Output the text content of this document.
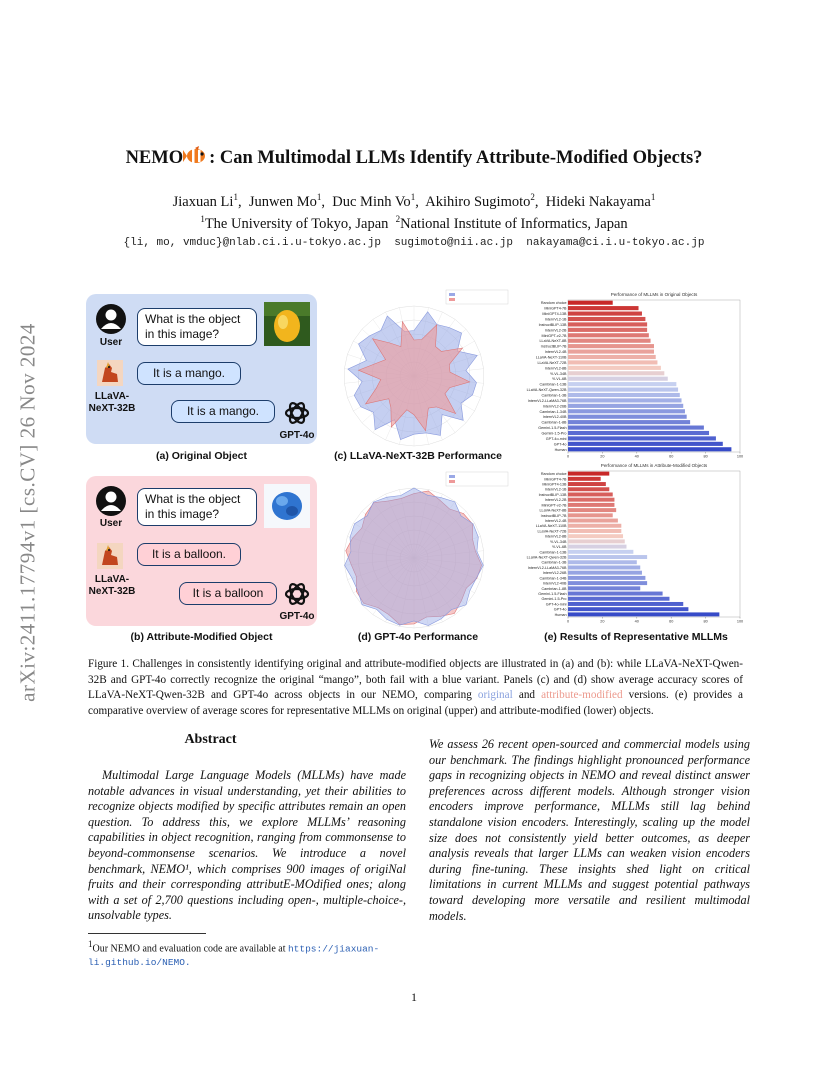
arXiv:2411.17794v1 [cs.CV] 26 Nov 2024
NEMO : Can Multimodal LLMs Identify Attribute-Modified Objects?
Jiaxuan Li$^1$,  Junwen Mo$^1$,  Duc Minh Vo$^1$,  Akihiro Sugimoto$^2$,  Hideki Nakayama$^1$
$^1$The University of Tokyo, Japan $^2$National Institute of Informatics, Japan
{li, mo, vmduc}@nlab.ci.i.u-tokyo.ac.jp  sugimoto@nii.ac.jp  nakayama@ci.i.u-tokyo.ac.jp
User
What is the object in this image?
LLaVA-NeXT-32B
It is a mango.
It is a mango.
GPT-4o
(a) Original Object
User
What is the object in this image?
LLaVA-NeXT-32B
It is a balloon.
It is a balloon
GPT-4o
(b) Attribute-Modified Object
(c) LLaVA-NeXT-32B Performance
(d) GPT-4o Performance
Performance of MLLMs in Original Objects
Random choice
MiniGPT4-7B
MiniGPT4-13B
InternVL2-1B
InstructBLIP-13B
InternVL2-2B
MiniGPT-v2-7B
LLaVA-NeXT-8B
InstructBLIP-7B
InternVL2-4B
LLaVA-NeXT-110B
LLaVA-NeXT-72B
InternVL2-8B
Yi-VL-34B
Yi-VL-6B
Cambrian-1-13B
LLaVA-NeXT-Qwen-32B
Cambrian-1-3B
InternVL2-LLaMA3-76B
InternVL2-26B
Cambrian-1-34B
InternVL2-40B
Cambrian-1-8B
Gemini-1.5-Flash
Gemini-1.5-Pro
GPT-4o-mini
GPT-4o
Human
0	20	40	60	80	100
Performance of MLLMs in Attribute-Modified Objects
Random choice
MiniGPT4-7B
MiniGPT4-13B
InternVL2-1B
InstructBLIP-13B
InternVL2-2B
MiniGPT-v2-7B
LLaVA-NeXT-8B
InstructBLIP-7B
InternVL2-4B
LLaVA-NeXT-110B
LLaVA-NeXT-72B
InternVL2-8B
Yi-VL-34B
Yi-VL-6B
Cambrian-1-13B
LLaVA-NeXT-Qwen-32B
Cambrian-1-3B
InternVL2-LLaMA3-76B
InternVL2-26B
Cambrian-1-34B
InternVL2-40B
Cambrian-1-8B
Gemini-1.5-Flash
Gemini-1.5-Pro
GPT-4o-mini
GPT-4o
Human
0	20	40	60	80	100
(e) Results of Representative MLLMs
Figure 1. Challenges in consistently identifying original and attribute-modified objects are illustrated in (a) and (b): while LLaVA-NeXT-Qwen-32B and GPT-4o correctly recognize the original “mango”, both fail with a blue variant. Panels (c) and (d) show average accuracy scores of LLaVA-NeXT-Qwen-32B and GPT-4o across objects in our NEMO, comparing original and attribute-modified versions. (e) provides a comparative overview of average scores for representative MLLMs on original (upper) and attribute-modified (lower) objects.
Abstract
Multimodal Large Language Models (MLLMs) have made notable advances in visual understanding, yet their abilities to recognize objects modified by specific attributes remain an open question. To address this, we explore MLLMs’ reasoning capabilities in object recognition, ranging from commonsense to beyond-commonsense scenarios. We introduce a novel benchmark, NEMO¹, which comprises 900 images of origiNal fruits and their corresponding attributE-MOdified ones; along with a set of 2,700 questions including open-, multiple-choice-, unsolvable types.
We assess 26 recent open-sourced and commercial models using our benchmark. The findings highlight pronounced performance gaps in recognizing objects in NEMO and reveal distinct answer preferences across different models. Although stronger vision encoders improve performance, MLLMs still lag behind standalone vision encoders. Interestingly, scaling up the model size does not consistently yield better outcomes, as deeper analysis reveals that larger LLMs can weaken vision encoders during fine-tuning. These insights shed light on critical limitations in current MLLMs and suggest potential pathways toward developing more versatile and resilient multimodal models.
$^1$Our NEMO and evaluation code are available at https://jiaxuan-li.github.io/NEMO.
1
